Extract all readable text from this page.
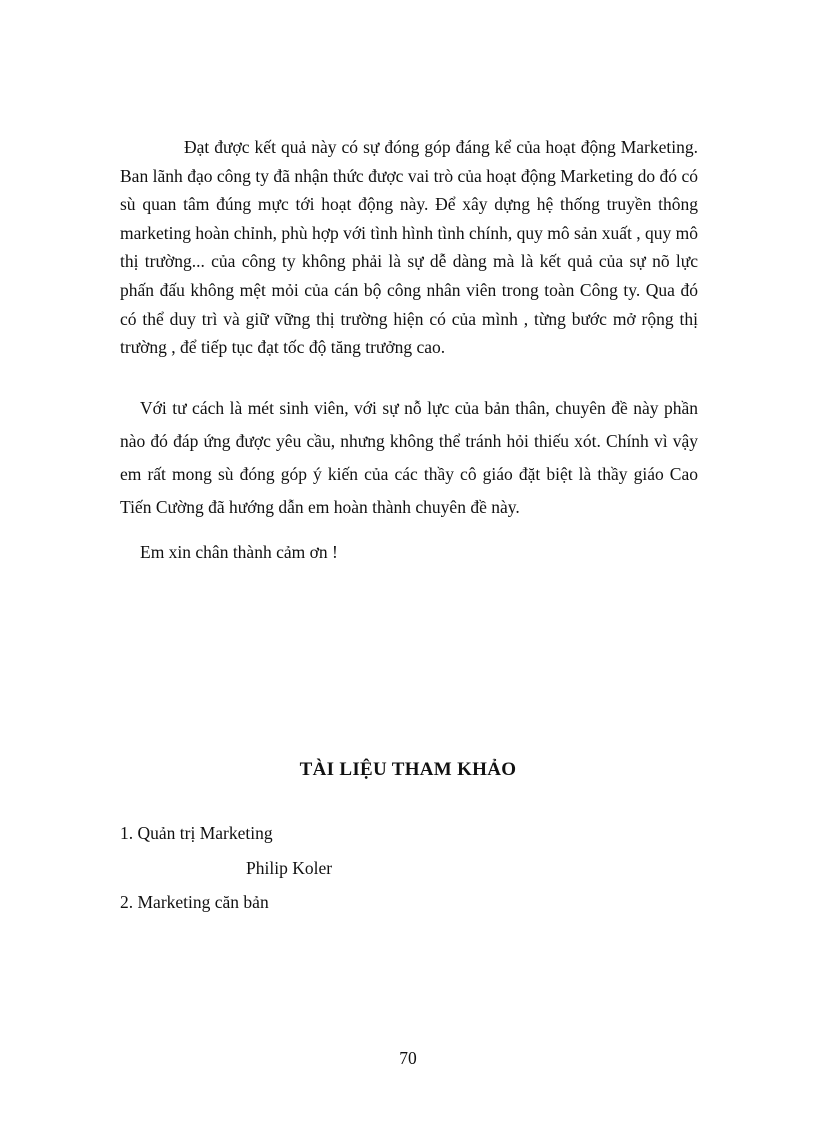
Đạt được kết quả này có sự đóng góp đáng kể của hoạt động Marketing. Ban lãnh đạo công ty đã nhận thức được vai trò của hoạt động Marketing do đó có sù quan tâm đúng mực tới hoạt động này. Để xây dựng hệ thống truyền thông marketing hoàn chỉnh, phù hợp với tình hình tình chính, quy mô sản xuất , quy mô thị trường... của công ty không phải là sự dễ dàng mà là kết quả của sự nõ lực phấn đấu không mệt mỏi của cán bộ công nhân viên trong toàn Công ty. Qua đó có thể duy trì và giữ vững thị trường hiện có của mình , từng bước mở rộng thị trường , để tiếp tục đạt tốc độ tăng trưởng cao.

Với tư cách là mét sinh viên, với sự nỗ lực của bản thân, chuyên đề này phần nào đó đáp ứng được yêu cầu, nhưng không thể tránh hỏi thiếu xót. Chính vì vậy em rất mong sù đóng góp ý kiến của các thầy cô giáo đặt biệt là thầy giáo Cao Tiến Cường đã hướng dẫn em hoàn thành chuyên đề này.

Em xin chân thành cảm ơn !

TÀI LIỆU THAM KHẢO

1. Quản trị Marketing

Philip Koler

2. Marketing căn bản

70
